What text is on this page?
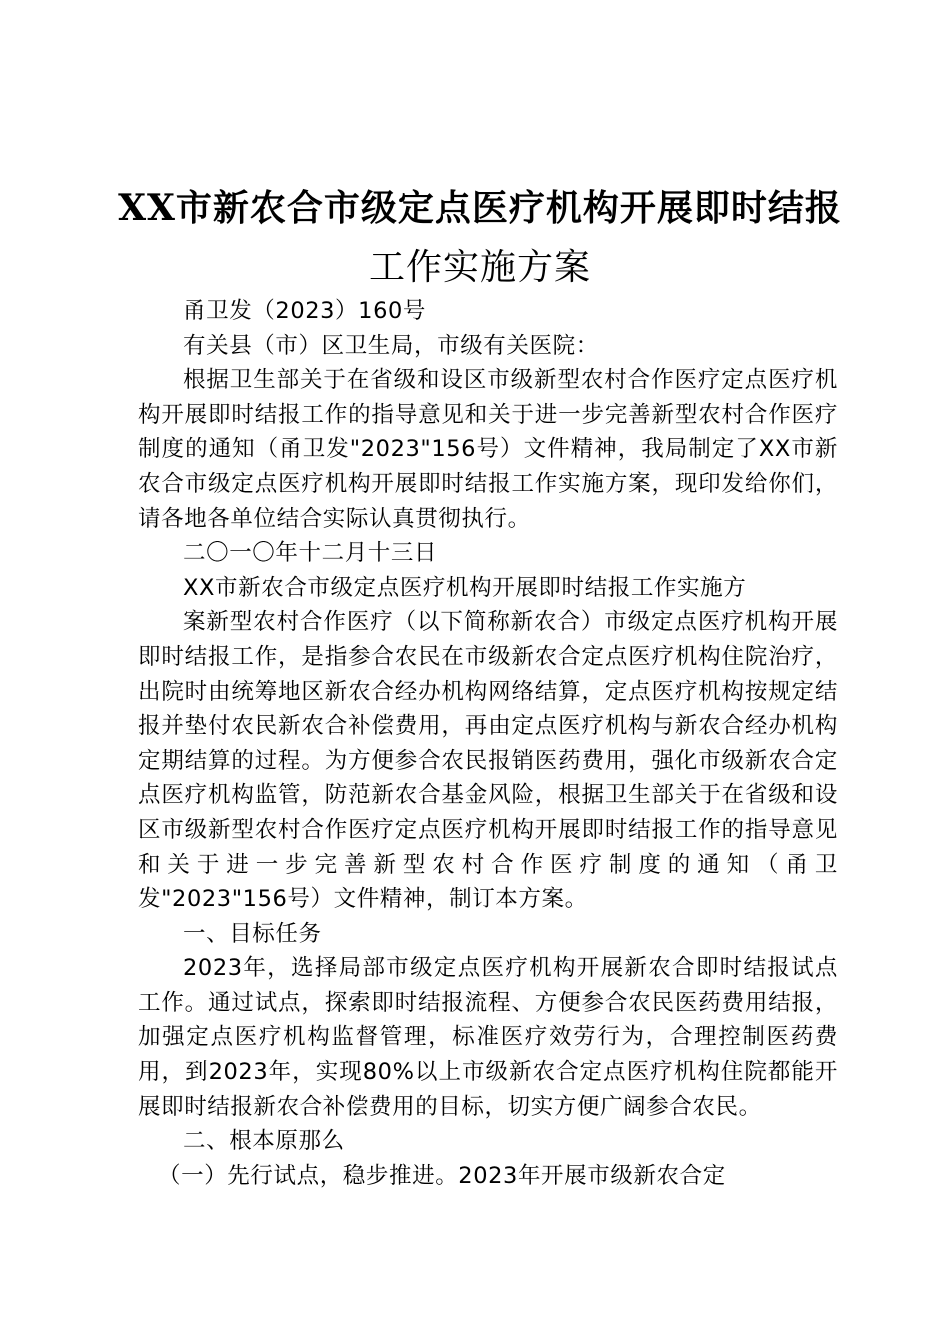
XX市新农合市级定点医疗机构开展即时结报
工作实施方案

甬卫发（2023）160号

有关县（市）区卫生局，市级有关医院：

根据卫生部关于在省级和设区市级新型农村合作医疗定点医疗机构开展即时结报工作的指导意见和关于进一步完善新型农村合作医疗制度的通知（甬卫发"2023"156号）文件精神，我局制定了XX市新农合市级定点医疗机构开展即时结报工作实施方案，现印发给你们，请各地各单位结合实际认真贯彻执行。

二〇一〇年十二月十三日

XX市新农合市级定点医疗机构开展即时结报工作实施方

案新型农村合作医疗（以下简称新农合）市级定点医疗机构开展即时结报工作，是指参合农民在市级新农合定点医疗机构住院治疗，出院时由统筹地区新农合经办机构网络结算，定点医疗机构按规定结报并垫付农民新农合补偿费用，再由定点医疗机构与新农合经办机构定期结算的过程。为方便参合农民报销医药费用，强化市级新农合定点医疗机构监管，防范新农合基金风险，根据卫生部关于在省级和设区市级新型农村合作医疗定点医疗机构开展即时结报工作的指导意见和关于进一步完善新型农村合作医疗制度的通知（甬卫发"2023"156号）文件精神，制订本方案。

一、目标任务

2023年，选择局部市级定点医疗机构开展新农合即时结报试点工作。通过试点，探索即时结报流程、方便参合农民医药费用结报，加强定点医疗机构监督管理，标准医疗效劳行为，合理控制医药费用，到2023年，实现80%以上市级新农合定点医疗机构住院都能开展即时结报新农合补偿费用的目标，切实方便广阔参合农民。

二、根本原那么

（一）先行试点，稳步推进。2023年开展市级新农合定
